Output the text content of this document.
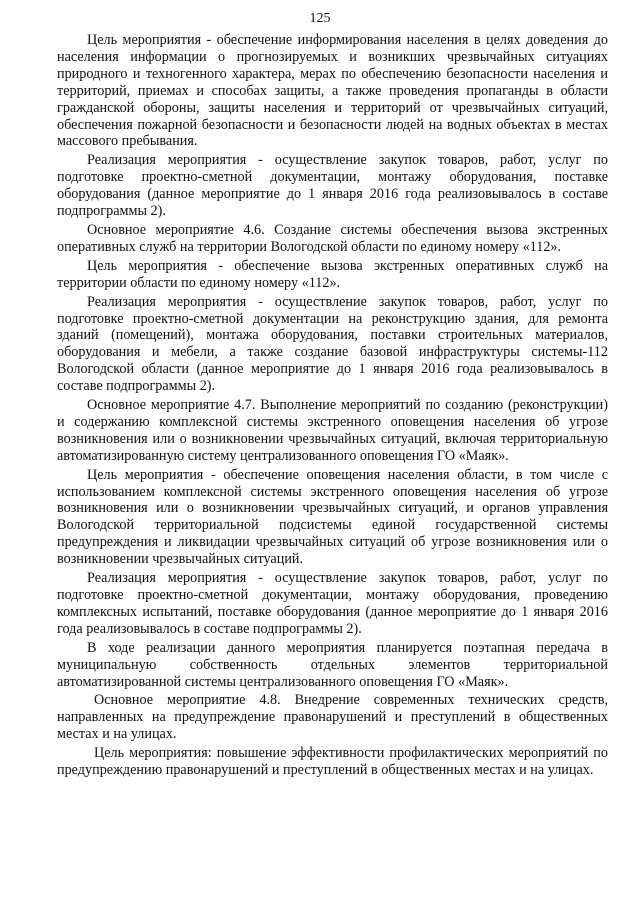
125

Цель мероприятия - обеспечение информирования населения в целях доведения до населения информации о прогнозируемых и возникших чрезвычайных ситуациях природного и техногенного характера, мерах по обеспечению безопасности населения и территорий, приемах и способах защиты, а также проведения пропаганды в области гражданской обороны, защиты населения и территорий от чрезвычайных ситуаций, обеспечения пожарной безопасности и безопасности людей на водных объектах в местах массового пребывания.

Реализация мероприятия - осуществление закупок товаров, работ, услуг по подготовке проектно-сметной документации, монтажу оборудования, поставке оборудования (данное мероприятие до 1 января 2016 года реализовывалось в составе подпрограммы 2).

Основное мероприятие 4.6. Создание системы обеспечения вызова экстренных оперативных служб на территории Вологодской области по единому номеру «112».

Цель мероприятия - обеспечение вызова экстренных оперативных служб на территории области по единому номеру «112».

Реализация мероприятия - осуществление закупок товаров, работ, услуг по подготовке проектно-сметной документации на реконструкцию здания, для ремонта зданий (помещений), монтажа оборудования, поставки строительных материалов, оборудования и мебели, а также создание базовой инфраструктуры системы-112 Вологодской области (данное мероприятие до 1 января 2016 года реализовывалось в составе подпрограммы 2).

Основное мероприятие 4.7. Выполнение мероприятий по созданию (реконструкции) и содержанию комплексной системы экстренного оповещения населения об угрозе возникновения или о возникновении чрезвычайных ситуаций, включая территориальную автоматизированную систему централизованного оповещения ГО «Маяк».

Цель мероприятия - обеспечение оповещения населения области, в том числе с использованием комплексной системы экстренного оповещения населения об угрозе возникновения или о возникновении чрезвычайных ситуаций, и органов управления Вологодской территориальной подсистемы единой государственной системы предупреждения и ликвидации чрезвычайных ситуаций об угрозе возникновения или о возникновении чрезвычайных ситуаций.

Реализация мероприятия - осуществление закупок товаров, работ, услуг по подготовке проектно-сметной документации, монтажу оборудования, проведению комплексных испытаний, поставке оборудования (данное мероприятие до 1 января 2016 года реализовывалось в составе подпрограммы 2).

В ходе реализации данного мероприятия планируется поэтапная передача в муниципальную собственность отдельных элементов территориальной автоматизированной системы централизованного оповещения ГО «Маяк».

Основное мероприятие 4.8. Внедрение современных технических средств, направленных на предупреждение правонарушений и преступлений в общественных местах и на улицах.

Цель мероприятия: повышение эффективности профилактических мероприятий по предупреждению правонарушений и преступлений в общественных местах и на улицах.
